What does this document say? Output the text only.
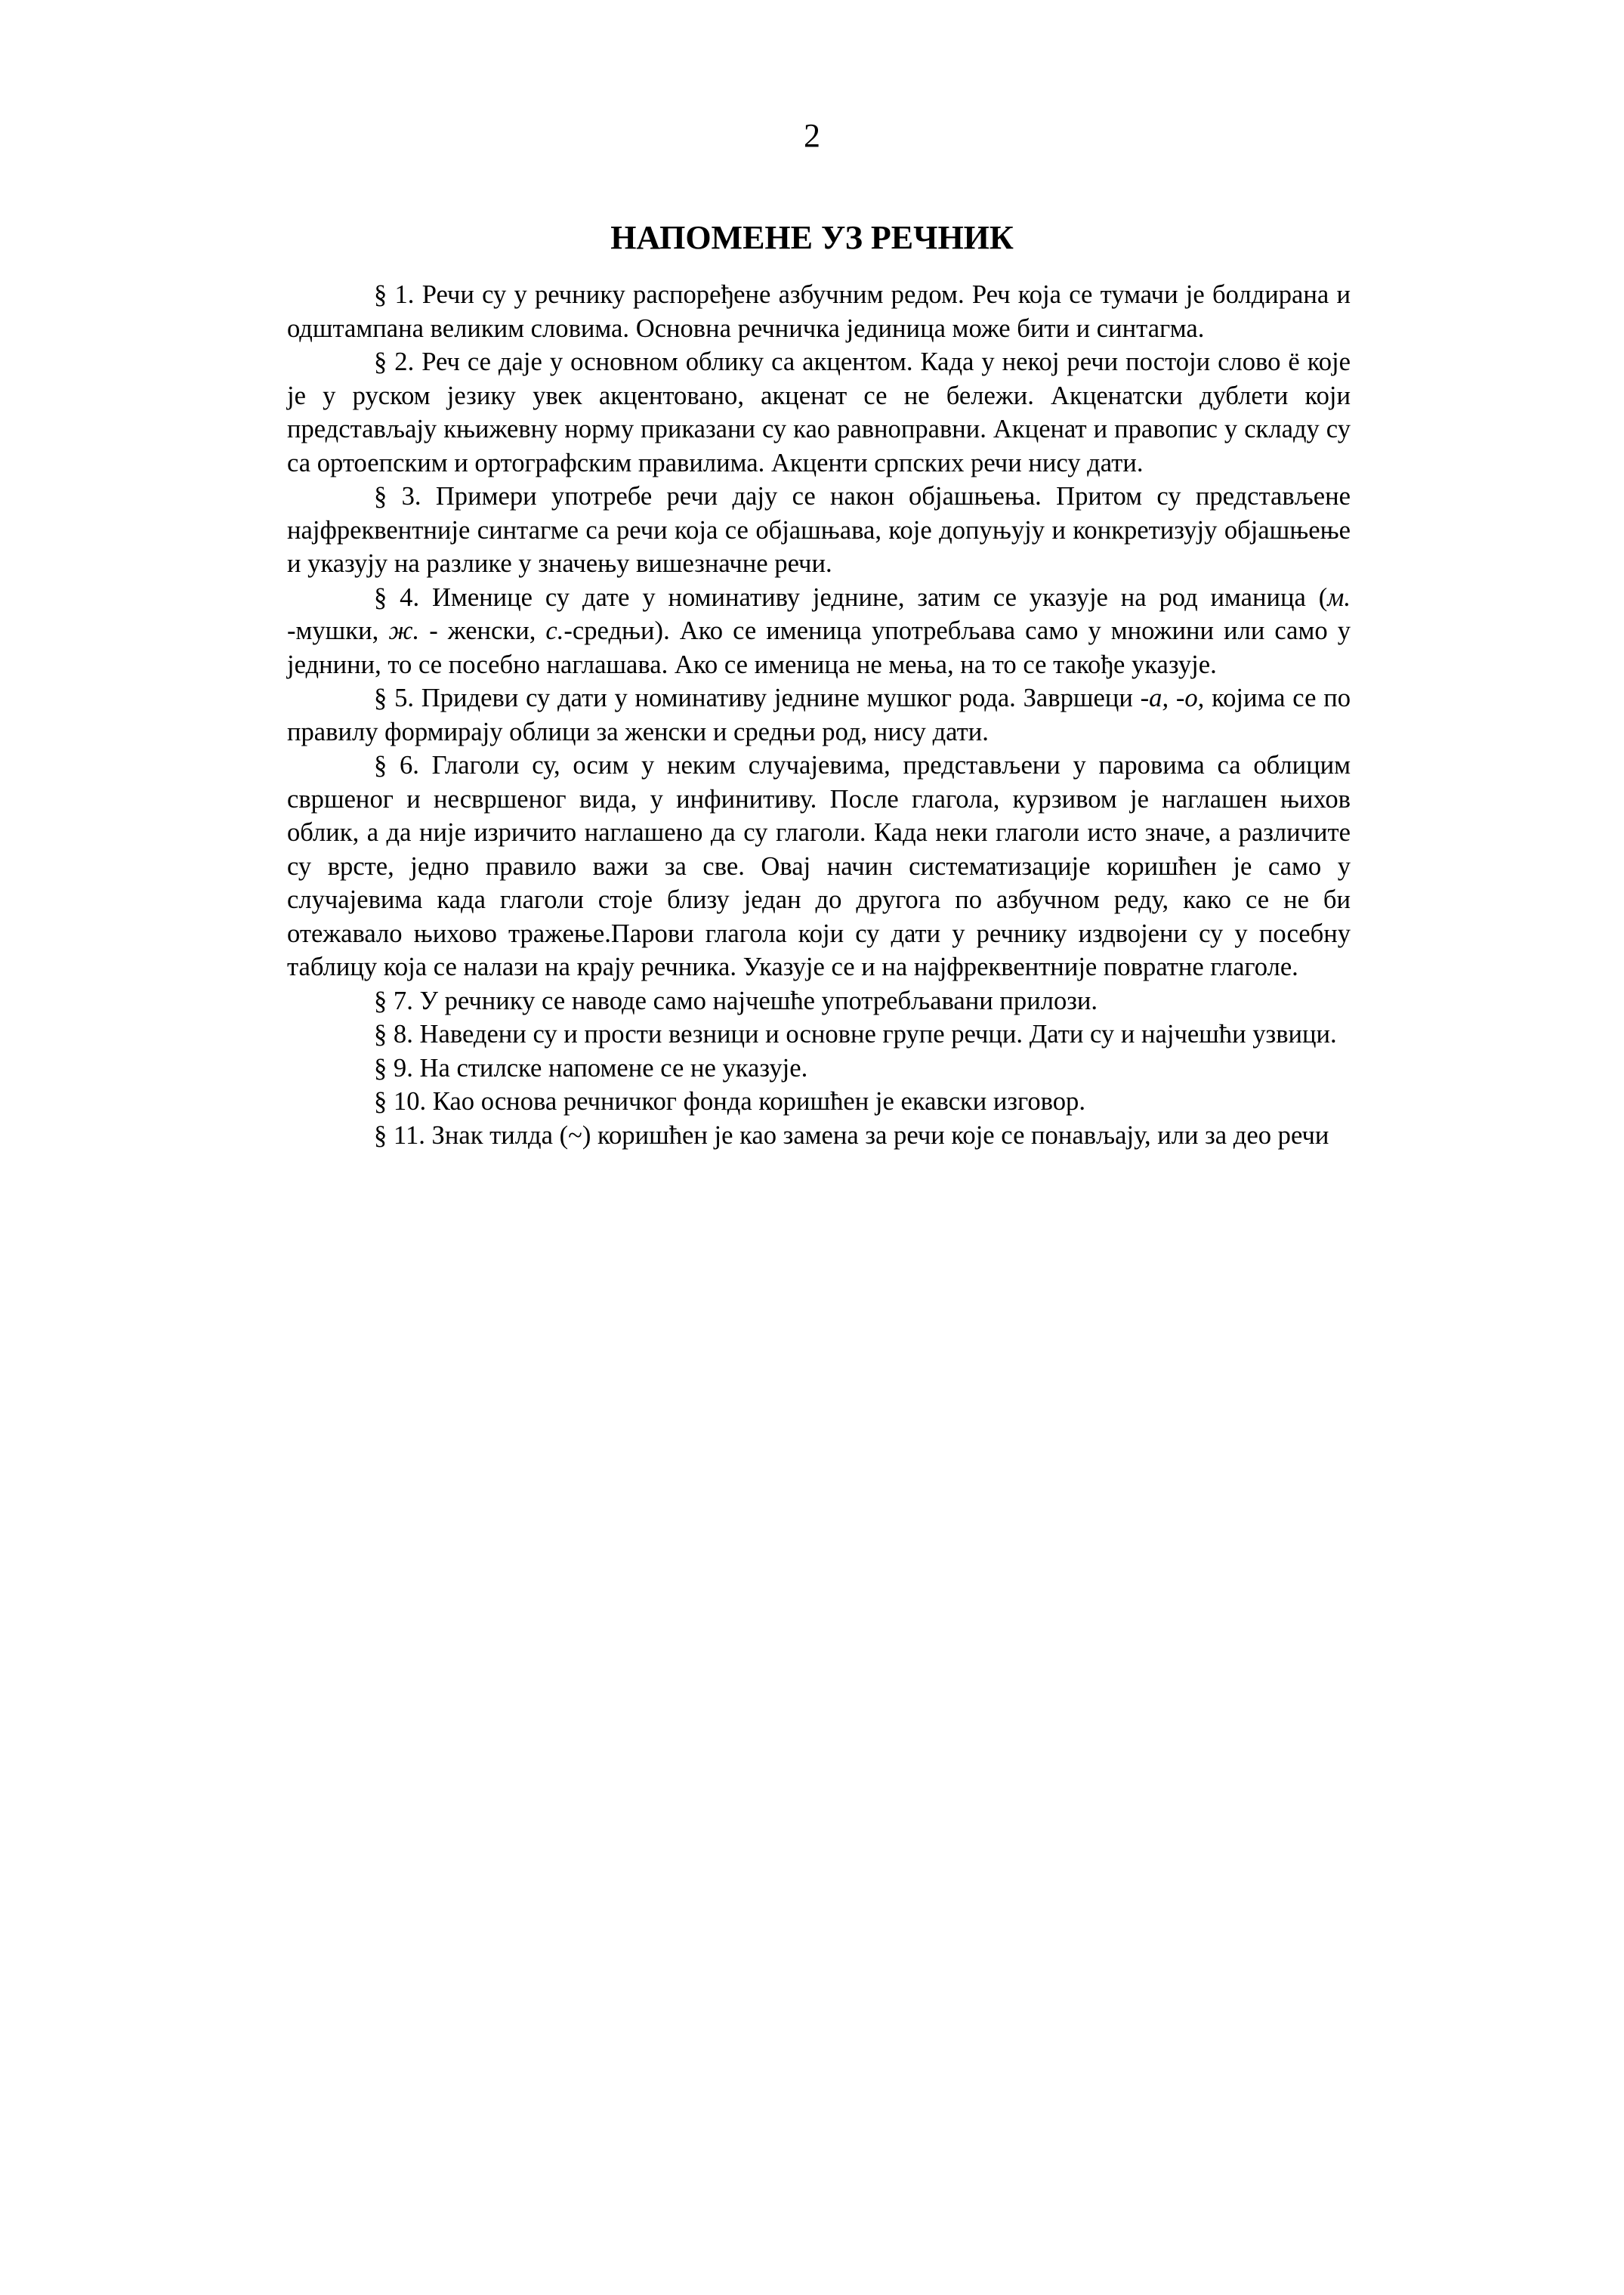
2
НАПОМЕНЕ УЗ РЕЧНИК

§ 1. Речи су у речнику распоређене азбучним редом. Реч која се тумачи је болдирана и одштампана великим словима. Основна речничка јединица може бити и синтагма.

§ 2. Реч се даје у основном облику са акцентом. Када у некој речи постоји слово ё које је у руском језику увек акцентовано, акценат се не бележи. Акценатски дублети који представљају књижевну норму приказани су као равноправни. Акценат и правопис у складу су са ортоепским и ортографским правилима. Акценти српских речи нису дати.

§ 3. Примери употребе речи дају се након објашњења. Притом су представљене најфреквентније синтагме са речи која се објашњава, које допуњују и конкретизују објашњење и указују на разлике у значењу вишезначне речи.

§ 4. Именице су дате у номинативу једнине, затим се указује на род иманица (м. -мушки, ж. - женски, с.-средњи). Ако се именица употребљава само у множини или само у једнини, то се посебно наглашава. Ако се именица не мења, на то се такође указује.

§ 5. Придеви су дати у номинативу једнине мушког рода. Завршеци -а, -о, којима се по правилу формирају облици за женски и средњи род, нису дати.

§ 6. Глаголи су, осим у неким случајевима, представљени у паровима са облицим свршеног и несвршеног вида, у инфинитиву. После глагола, курзивом је наглашен њихов облик, а да није изричито наглашено да су глаголи. Када неки глаголи исто значе, а различите су врсте, једно правило важи за све. Овај начин систематизације коришћен је само у случајевима када глаголи стоје близу један до другога по азбучном реду, како се не би отежавало њихово тражење.Парови глагола који су дати у речнику издвојени су у посебну таблицу која се налази на крају речника. Указује се и на најфреквентније повратне глаголе.

§ 7. У речнику се наводе само најчешће употребљавани прилози.

§ 8. Наведени су и прости везници и основне групе речци. Дати су и најчешћи узвици.

§ 9. На стилске напомене се не указује.

§ 10. Као основа речничког фонда коришћен је екавски изговор.

§ 11. Знак тилда (~) коришћен је као замена за речи које се понављају, или за део речи
